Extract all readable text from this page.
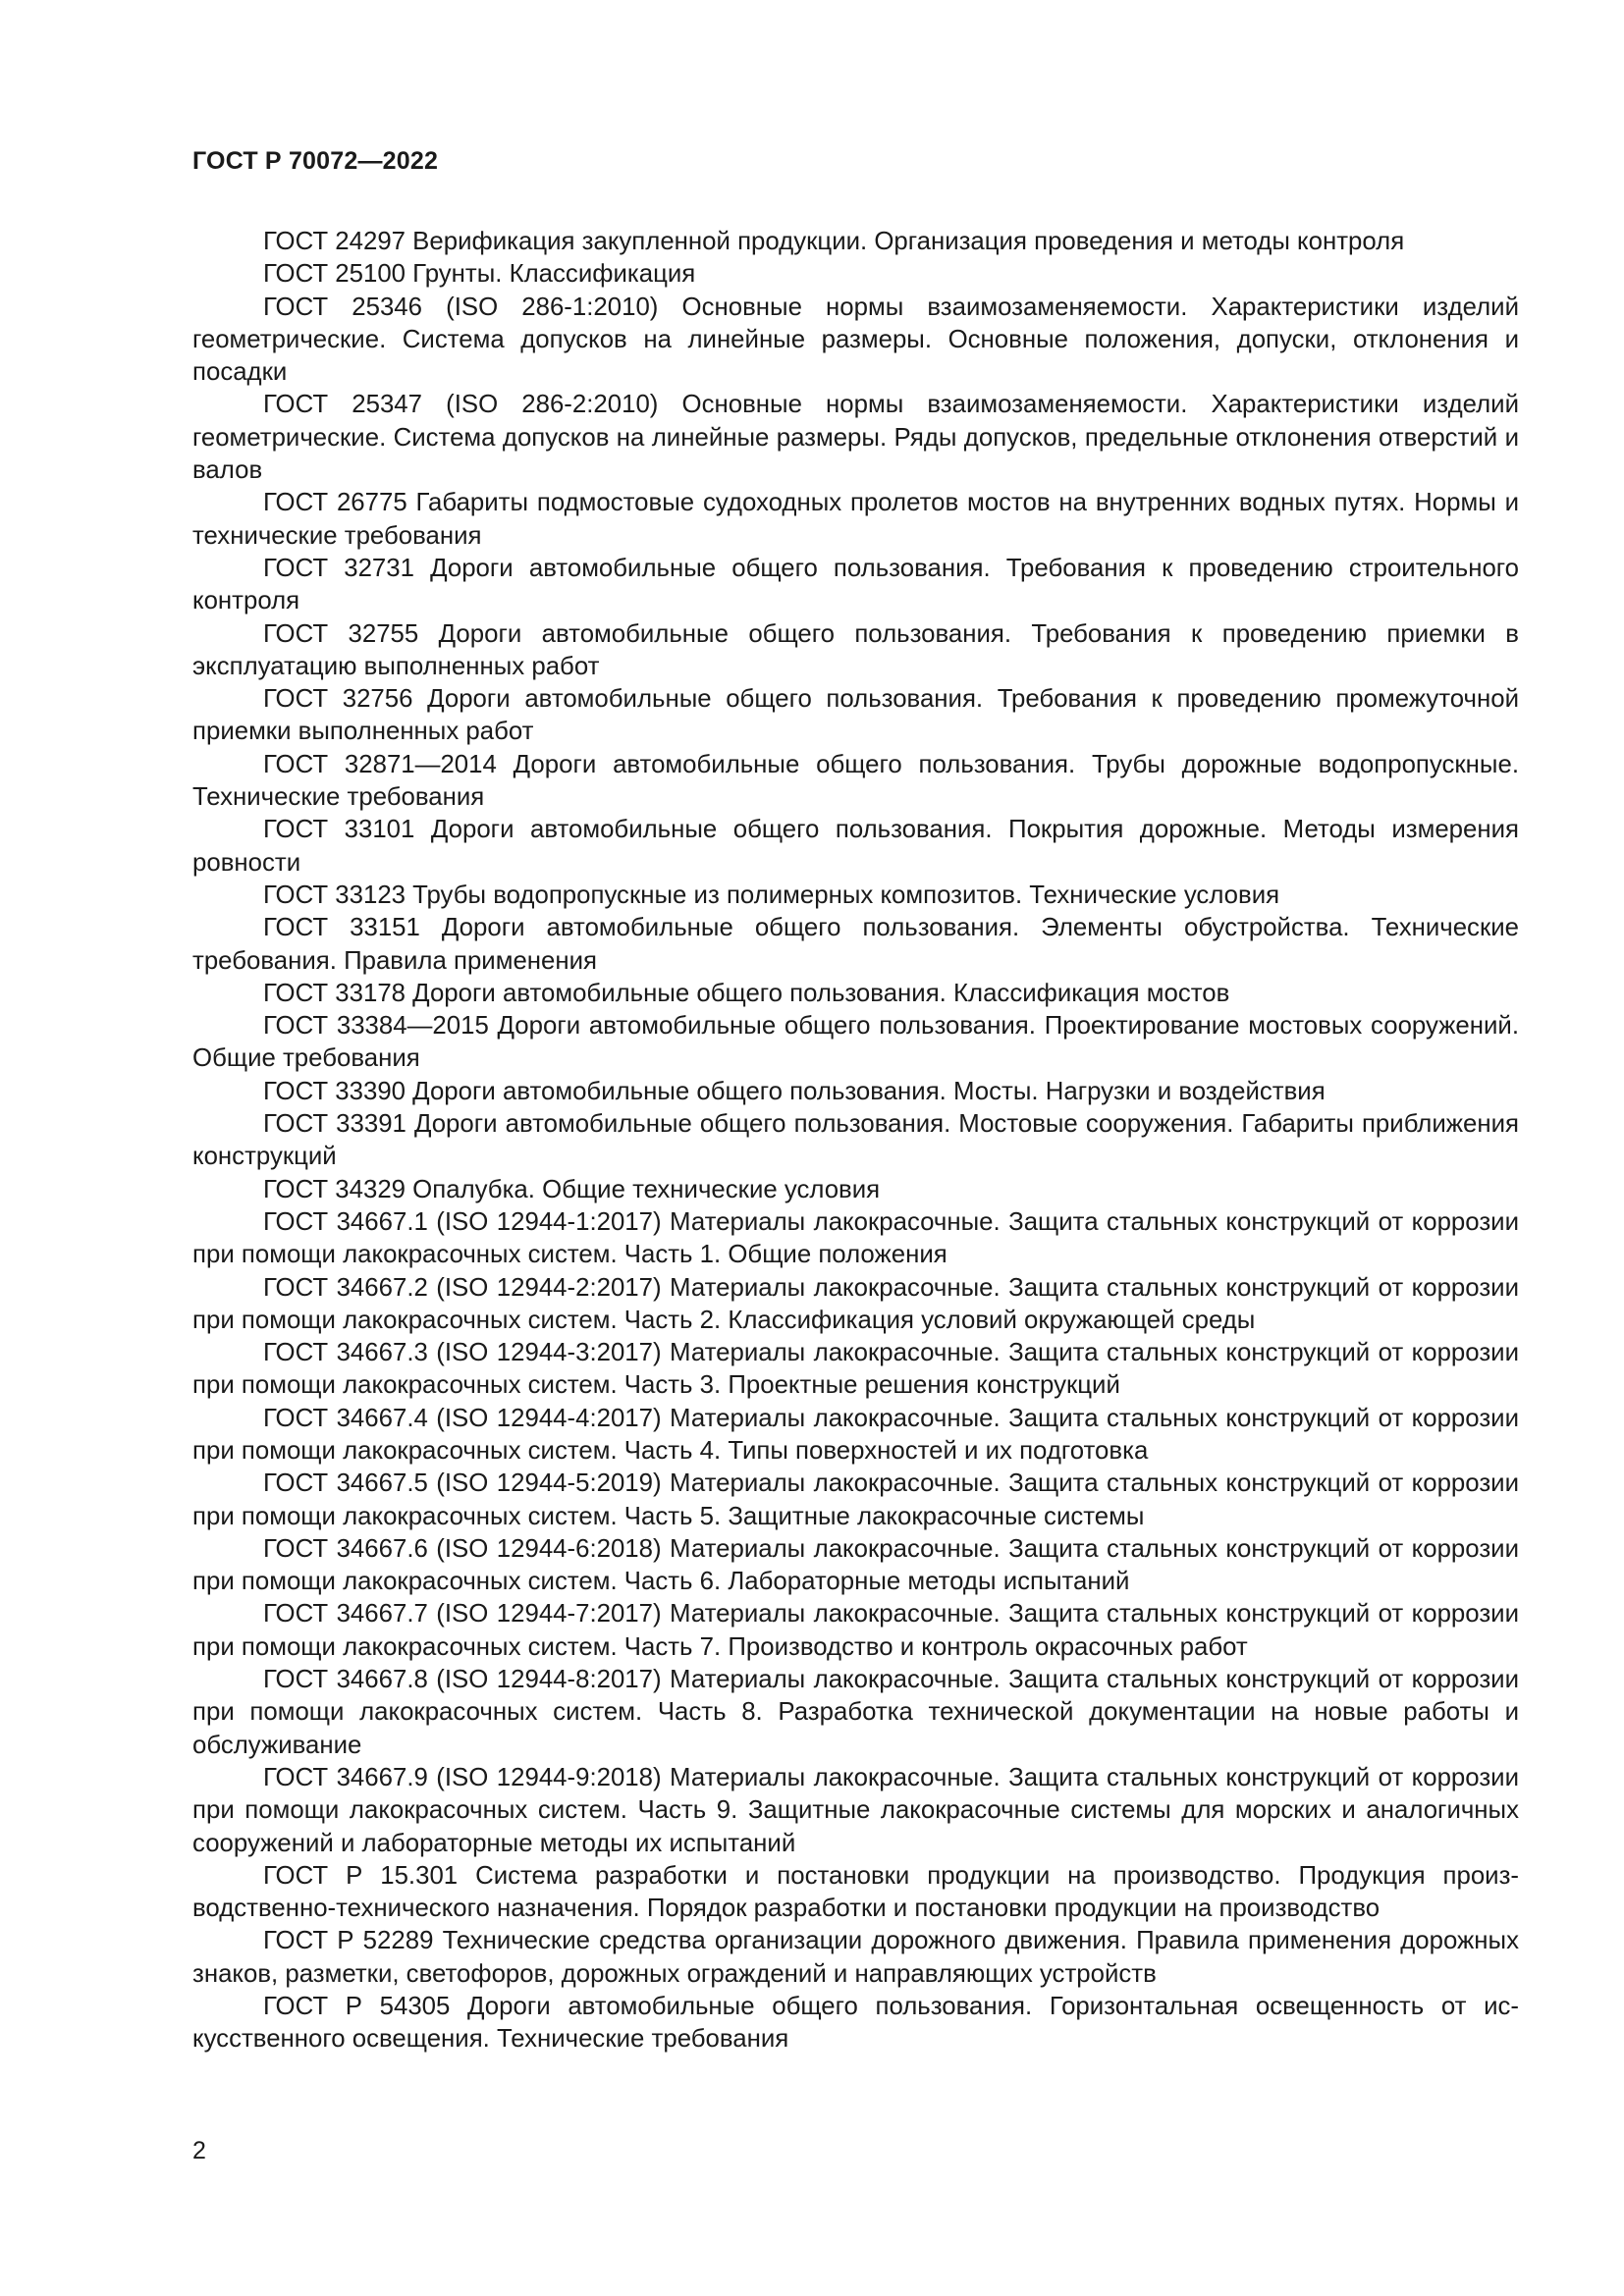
ГОСТ Р 70072—2022

ГОСТ 24297 Верификация закупленной продукции. Организация проведения и методы контроля

ГОСТ 25100 Грунты. Классификация

ГОСТ 25346 (ISO 286-1:2010) Основные нормы взаимозаменяемости. Характеристики изделий геометрические. Система допусков на линейные размеры. Основные положения, допуски, отклонения и посадки

ГОСТ 25347 (ISO 286-2:2010) Основные нормы взаимозаменяемости. Характеристики изделий геометрические. Система допусков на линейные размеры. Ряды допусков, предельные отклонения отверстий и валов

ГОСТ 26775 Габариты подмостовые судоходных пролетов мостов на внутренних водных путях. Нормы и технические требования

ГОСТ 32731 Дороги автомобильные общего пользования. Требования к проведению строительного контроля

ГОСТ 32755 Дороги автомобильные общего пользования. Требования к проведению приемки в эксплуатацию выполненных работ

ГОСТ 32756 Дороги автомобильные общего пользования. Требования к проведению промежуточной приемки выполненных работ

ГОСТ 32871—2014 Дороги автомобильные общего пользования. Трубы дорожные водопропускные. Технические требования

ГОСТ 33101 Дороги автомобильные общего пользования. Покрытия дорожные. Методы измерения ровности

ГОСТ 33123 Трубы водопропускные из полимерных композитов. Технические условия

ГОСТ 33151 Дороги автомобильные общего пользования. Элементы обустройства. Технические требования. Правила применения

ГОСТ 33178 Дороги автомобильные общего пользования. Классификация мостов

ГОСТ 33384—2015 Дороги автомобильные общего пользования. Проектирование мостовых сооружений. Общие требования

ГОСТ 33390 Дороги автомобильные общего пользования. Мосты. Нагрузки и воздействия

ГОСТ 33391 Дороги автомобильные общего пользования. Мостовые сооружения. Габариты приближения конструкций

ГОСТ 34329 Опалубка. Общие технические условия

ГОСТ 34667.1 (ISO 12944-1:2017) Материалы лакокрасочные. Защита стальных конструкций от коррозии при помощи лакокрасочных систем. Часть 1. Общие положения

ГОСТ 34667.2 (ISO 12944-2:2017) Материалы лакокрасочные. Защита стальных конструкций от коррозии при помощи лакокрасочных систем. Часть 2. Классификация условий окружающей среды

ГОСТ 34667.3 (ISO 12944-3:2017) Материалы лакокрасочные. Защита стальных конструкций от коррозии при помощи лакокрасочных систем. Часть 3. Проектные решения конструкций

ГОСТ 34667.4 (ISO 12944-4:2017) Материалы лакокрасочные. Защита стальных конструкций от коррозии при помощи лакокрасочных систем. Часть 4. Типы поверхностей и их подготовка

ГОСТ 34667.5 (ISO 12944-5:2019) Материалы лакокрасочные. Защита стальных конструкций от коррозии при помощи лакокрасочных систем. Часть 5. Защитные лакокрасочные системы

ГОСТ 34667.6 (ISO 12944-6:2018) Материалы лакокрасочные. Защита стальных конструкций от коррозии при помощи лакокрасочных систем. Часть 6. Лабораторные методы испытаний

ГОСТ 34667.7 (ISO 12944-7:2017) Материалы лакокрасочные. Защита стальных конструкций от коррозии при помощи лакокрасочных систем. Часть 7. Производство и контроль окрасочных работ

ГОСТ 34667.8 (ISO 12944-8:2017) Материалы лакокрасочные. Защита стальных конструкций от коррозии при помощи лакокрасочных систем. Часть 8. Разработка технической документации на новые работы и обслуживание

ГОСТ 34667.9 (ISO 12944-9:2018) Материалы лакокрасочные. Защита стальных конструкций от коррозии при помощи лакокрасочных систем. Часть 9. Защитные лакокрасочные системы для морских и аналогичных сооружений и лабораторные методы их испытаний

ГОСТ Р 15.301 Система разработки и постановки продукции на производство. Продукция производственно-технического назначения. Порядок разработки и постановки продукции на производство

ГОСТ Р 52289 Технические средства организации дорожного движения. Правила применения дорожных знаков, разметки, светофоров, дорожных ограждений и направляющих устройств

ГОСТ Р 54305 Дороги автомобильные общего пользования. Горизонтальная освещенность от искусственного освещения. Технические требования

2
